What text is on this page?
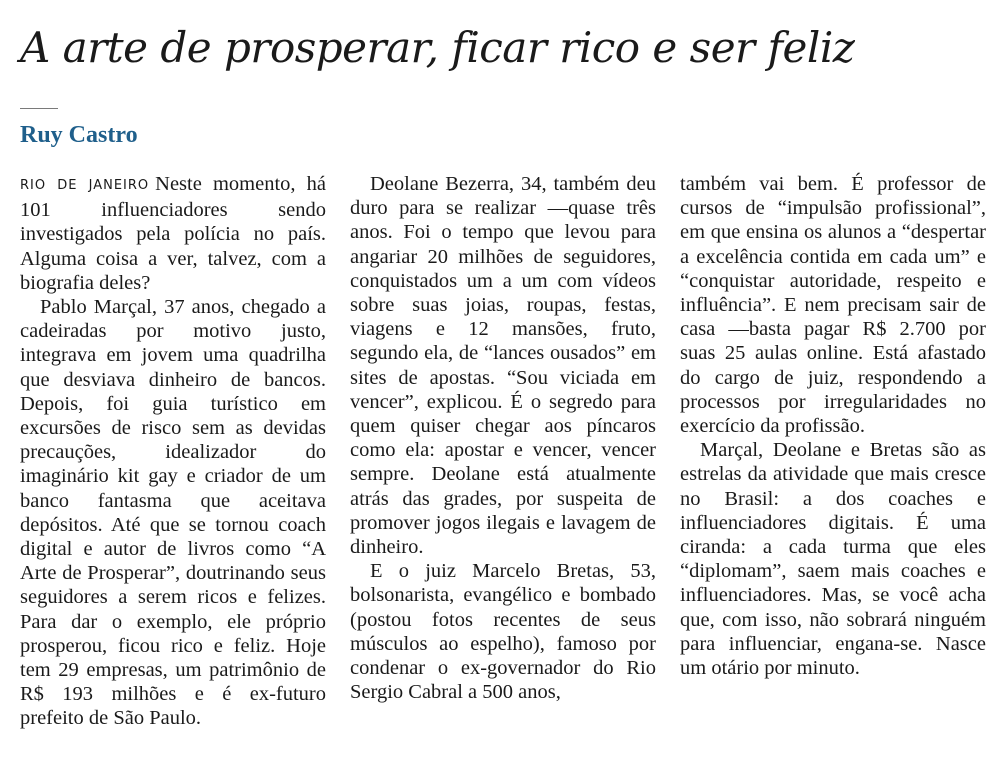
A arte de prosperar, ficar rico e ser feliz
Ruy Castro

RIO DE JANEIRO Neste momento, há 101 influenciadores sendo investigados pela polícia no país. Alguma coisa a ver, talvez, com a biografia deles?

Pablo Marçal, 37 anos, chegado a cadeiradas por motivo justo, integrava em jovem uma quadrilha que desviava dinheiro de bancos. Depois, foi guia turístico em excursões de risco sem as devidas precauções, idealizador do imaginário kit gay e criador de um banco fantasma que aceitava depósitos. Até que se tornou coach digital e autor de livros como “A Arte de Prosperar”, doutrinando seus seguidores a serem ricos e felizes. Para dar o exemplo, ele próprio prosperou, ficou rico e feliz. Hoje tem 29 empresas, um patrimônio de R$ 193 milhões e é ex-futuro prefeito de São Paulo.

Deolane Bezerra, 34, também deu duro para se realizar —quase três anos. Foi o tempo que levou para angariar 20 milhões de seguidores, conquistados um a um com vídeos sobre suas joias, roupas, festas, viagens e 12 mansões, fruto, segundo ela, de “lances ousados” em sites de apostas. “Sou viciada em vencer”, explicou. É o segredo para quem quiser chegar aos píncaros como ela: apostar e vencer, vencer sempre. Deolane está atualmente atrás das grades, por suspeita de promover jogos ilegais e lavagem de dinheiro.

E o juiz Marcelo Bretas, 53, bolsonarista, evangélico e bombado (postou fotos recentes de seus músculos ao espelho), famoso por condenar o ex-governador do Rio Sergio Cabral a 500 anos,

também vai bem. É professor de cursos de “impulsão profissional”, em que ensina os alunos a “despertar a excelência contida em cada um” e “conquistar autoridade, respeito e influência”. E nem precisam sair de casa —basta pagar R$ 2.700 por suas 25 aulas online. Está afastado do cargo de juiz, respondendo a processos por irregularidades no exercício da profissão.

Marçal, Deolane e Bretas são as estrelas da atividade que mais cresce no Brasil: a dos coaches e influenciadores digitais. É uma ciranda: a cada turma que eles “diplomam”, saem mais coaches e influenciadores. Mas, se você acha que, com isso, não sobrará ninguém para influenciar, engana-se. Nasce um otário por minuto.
